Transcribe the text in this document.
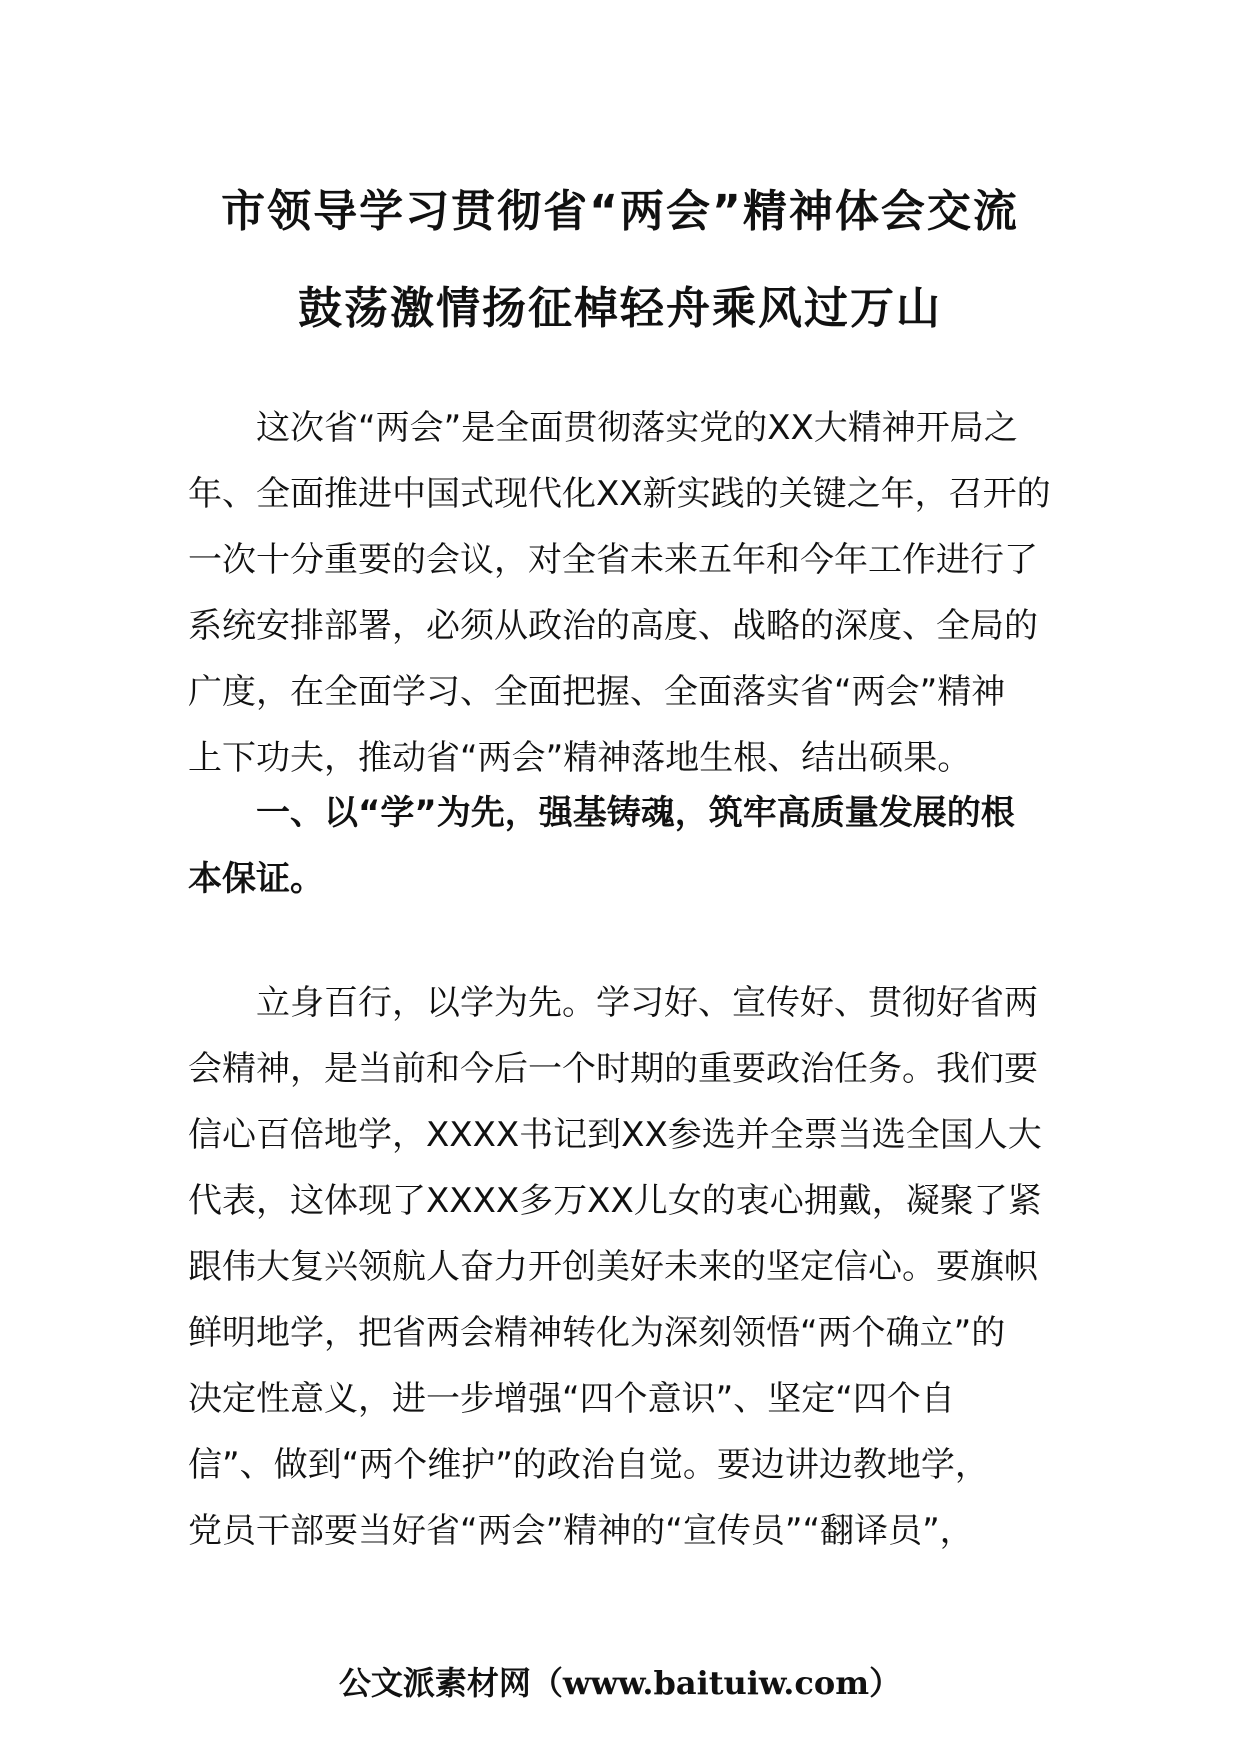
市领导学习贯彻省“两会”精神体会交流
鼓荡激情扬征棹轻舟乘风过万山
这次省“两会”是全面贯彻落实党的XX大精神开局之
年、全面推进中国式现代化XX新实践的关键之年，召开的
一次十分重要的会议，对全省未来五年和今年工作进行了
系统安排部署，必须从政治的高度、战略的深度、全局的
广度，在全面学习、全面把握、全面落实省“两会”精神
上下功夫，推动省“两会”精神落地生根、结出硕果。
一、以“学”为先，强基铸魂，筑牢高质量发展的根
本保证。
立身百行，以学为先。学习好、宣传好、贯彻好省两
会精神，是当前和今后一个时期的重要政治任务。我们要
信心百倍地学，XXXX书记到XX参选并全票当选全国人大
代表，这体现了XXXX多万XX儿女的衷心拥戴，凝聚了紧
跟伟大复兴领航人奋力开创美好未来的坚定信心。要旗帜
鲜明地学，把省两会精神转化为深刻领悟“两个确立”的
决定性意义，进一步增强“四个意识”、坚定“四个自
信”、做到“两个维护”的政治自觉。要边讲边教地学，
党员干部要当好省“两会”精神的“宣传员”“翻译员”，
公文派素材网（www.baituiw.com）
